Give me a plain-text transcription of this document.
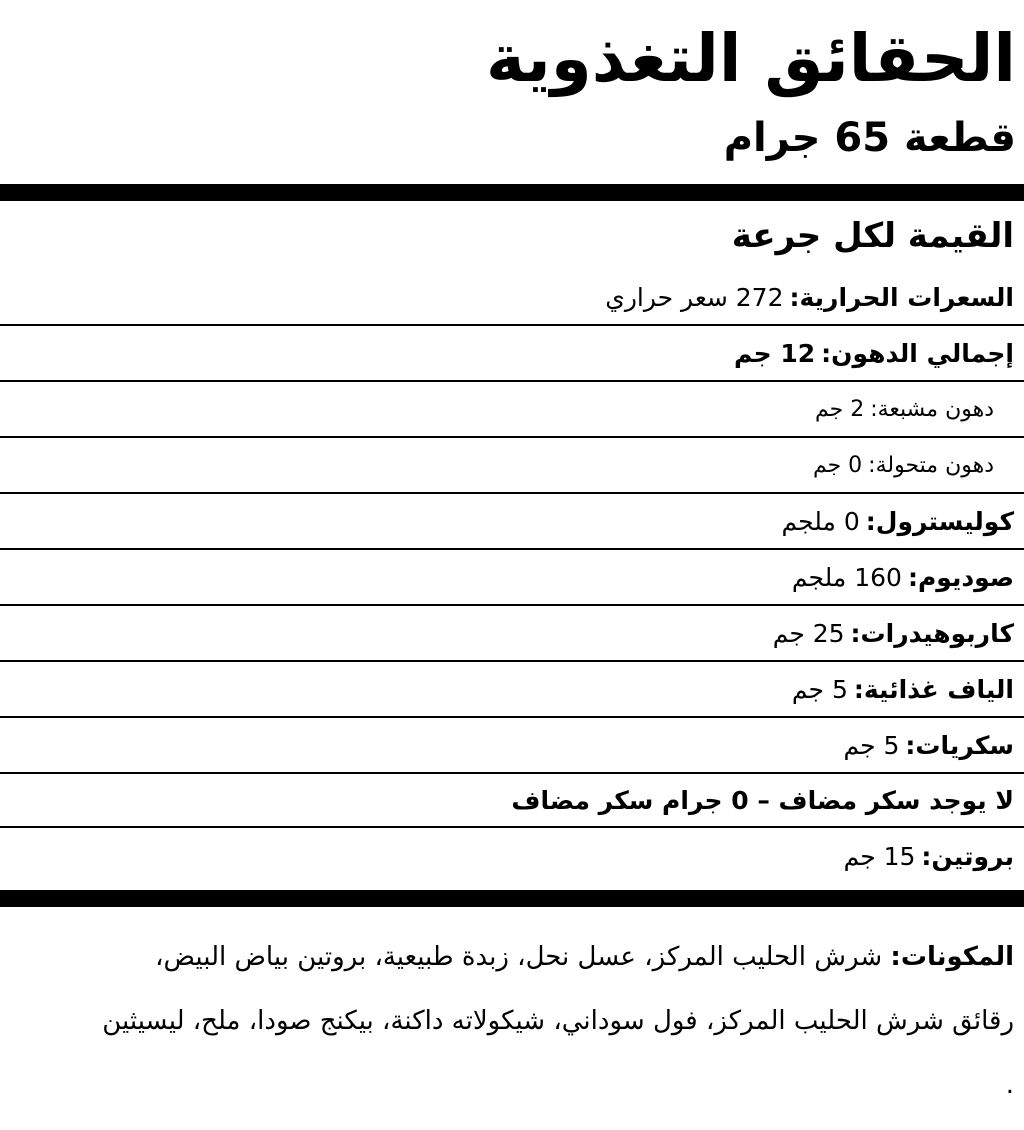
الحقائق التغذوية
قطعة 65 جرام
القيمة لكل جرعة
السعرات الحرارية
:
272 سعر حراري
إجمالي الدهون
:
12 جم
دهون مشبعة
:
2 جم
دهون متحولة
:
0 جم
كوليسترول
:
0 ملجم
صوديوم
:
160 ملجم
كاربوهيدرات
:
25 جم
الياف غذائية
:
5 جم
سكريات
:
5 جم
لا يوجد سكر مضاف – 0 جرام سكر مضاف
بروتين
:
15 جم
المكونات: شرش الحليب المركز، عسل نحل، زبدة طبيعية، بروتين بياض البيض، رقائق شرش الحليب المركز، فول سوداني، شيكولاته داكنة، بيكنج صودا، ملح، ليسيثين .
